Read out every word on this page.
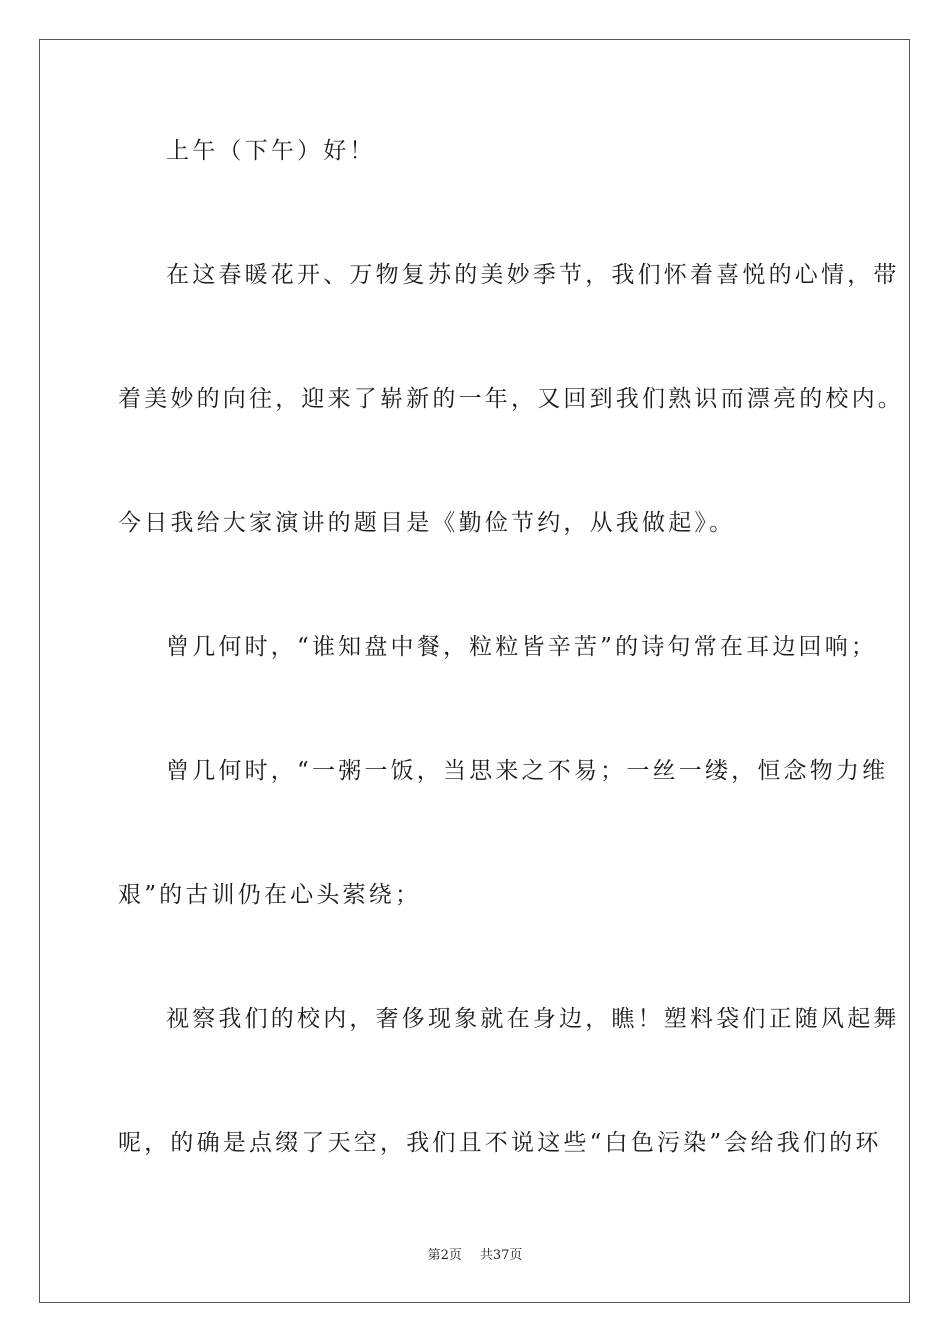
上午（下午）好！
在这春暖花开、万物复苏的美妙季节，我们怀着喜悦的心情，带
着美妙的向往，迎来了崭新的一年，又回到我们熟识而漂亮的校内。
今日我给大家演讲的题目是《勤俭节约，从我做起》。
曾几何时，“谁知盘中餐，粒粒皆辛苦”的诗句常在耳边回响；
曾几何时，“一粥一饭，当思来之不易；一丝一缕，恒念物力维
艰”的古训仍在心头萦绕；
视察我们的校内，奢侈现象就在身边，瞧！塑料袋们正随风起舞
呢，的确是点缀了天空，我们且不说这些“白色污染”会给我们的环
第2页 共37页
